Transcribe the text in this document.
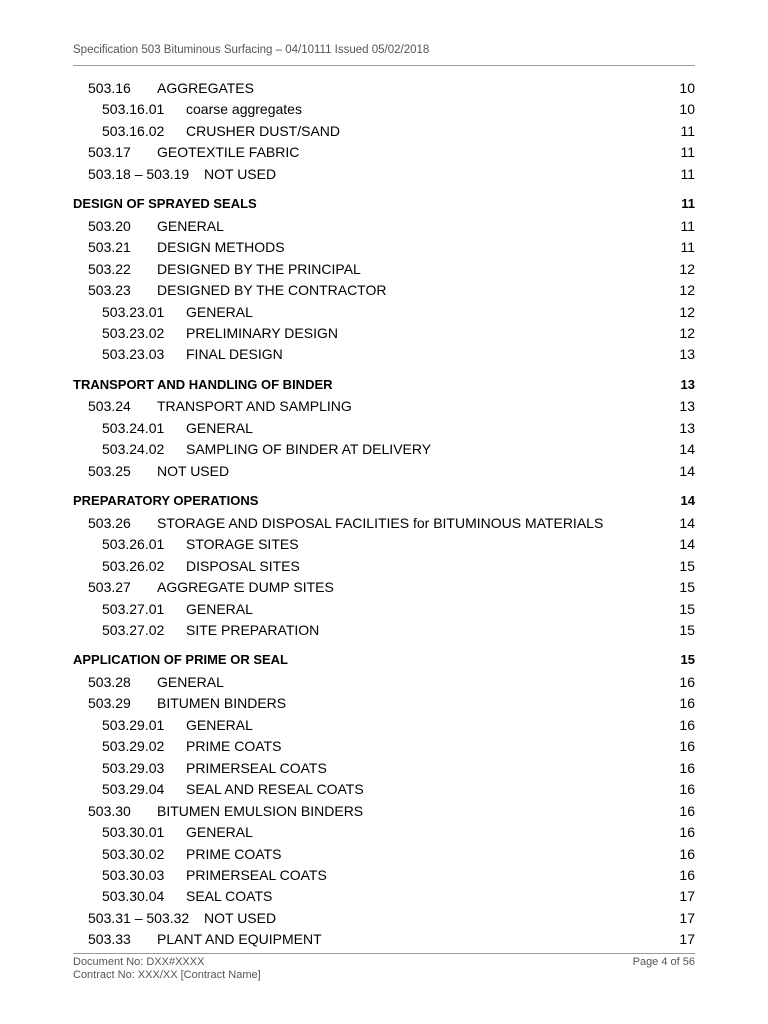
Specification 503 Bituminous Surfacing – 04/10111 Issued 05/02/2018
503.16 AGGREGATES	10
503.16.01 coarse aggregates	10
503.16.02 CRUSHER DUST/SAND	11
503.17 GEOTEXTILE FABRIC	11
503.18 – 503.19 NOT USED	11
DESIGN OF SPRAYED SEALS	11
503.20 GENERAL	11
503.21 DESIGN METHODS	11
503.22 DESIGNED BY THE PRINCIPAL	12
503.23 DESIGNED BY THE CONTRACTOR	12
503.23.01 GENERAL	12
503.23.02 PRELIMINARY DESIGN	12
503.23.03 FINAL DESIGN	13
TRANSPORT AND HANDLING OF BINDER	13
503.24 TRANSPORT AND SAMPLING	13
503.24.01 GENERAL	13
503.24.02 SAMPLING OF BINDER AT DELIVERY	14
503.25 NOT USED	14
PREPARATORY OPERATIONS	14
503.26 STORAGE AND DISPOSAL FACILITIES for BITUMINOUS MATERIALS	14
503.26.01 STORAGE SITES	14
503.26.02 DISPOSAL SITES	15
503.27 AGGREGATE DUMP SITES	15
503.27.01 GENERAL	15
503.27.02 SITE PREPARATION	15
APPLICATION OF PRIME OR SEAL	15
503.28 GENERAL	16
503.29 BITUMEN BINDERS	16
503.29.01 GENERAL	16
503.29.02 PRIME COATS	16
503.29.03 PRIMERSEAL COATS	16
503.29.04 SEAL AND RESEAL COATS	16
503.30 BITUMEN EMULSION BINDERS	16
503.30.01 GENERAL	16
503.30.02 PRIME COATS	16
503.30.03 PRIMERSEAL COATS	16
503.30.04 SEAL COATS	17
503.31 – 503.32 NOT USED	17
503.33 PLANT AND EQUIPMENT	17
Document No: DXX#XXXX
Contract No: XXX/XX [Contract Name]
Page 4 of 56
